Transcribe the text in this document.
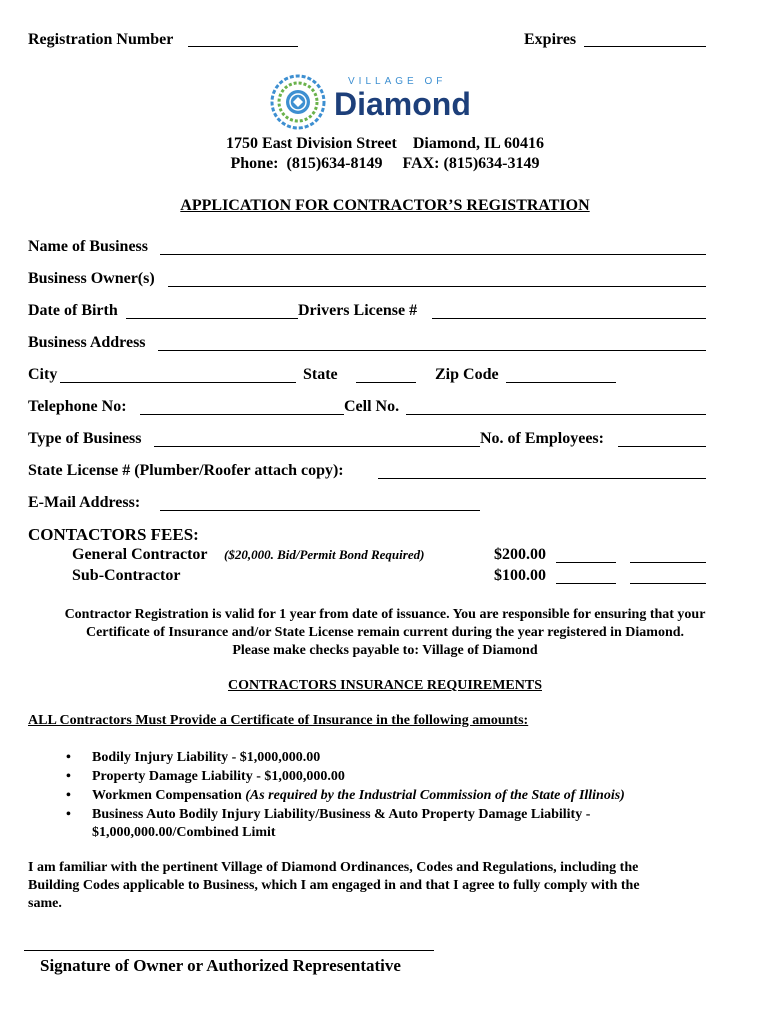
Registration Number	Expires
VILLAGE OF
Diamond
1750 East Division Street    Diamond, IL 60416
Phone:  (815)634-8149     FAX: (815)634-3149
APPLICATION FOR CONTRACTOR’S REGISTRATION
Name of Business
Business Owner(s)
Date of Birth	Drivers License #
Business Address
City	State	Zip Code
Telephone No:	Cell No.
Type of Business	No. of Employees:
State License # (Plumber/Roofer attach copy):
E-Mail Address:
CONTACTORS FEES:
General Contractor ($20,000. Bid/Permit Bond Required)	$200.00
Sub-Contractor	$100.00
Contractor Registration is valid for 1 year from date of issuance. You are responsible for ensuring that your
Certificate of Insurance and/or State License remain current during the year registered in Diamond.
Please make checks payable to: Village of Diamond
CONTRACTORS INSURANCE REQUIREMENTS
ALL Contractors Must Provide a Certificate of Insurance in the following amounts:
• Bodily Injury Liability - $1,000,000.00
• Property Damage Liability - $1,000,000.00
• Workmen Compensation (As required by the Industrial Commission of the State of Illinois)
• Business Auto Bodily Injury Liability/Business & Auto Property Damage Liability -
$1,000,000.00/Combined Limit
I am familiar with the pertinent Village of Diamond Ordinances, Codes and Regulations, including the
Building Codes applicable to Business, which I am engaged in and that I agree to fully comply with the
same.
Signature of Owner or Authorized Representative
